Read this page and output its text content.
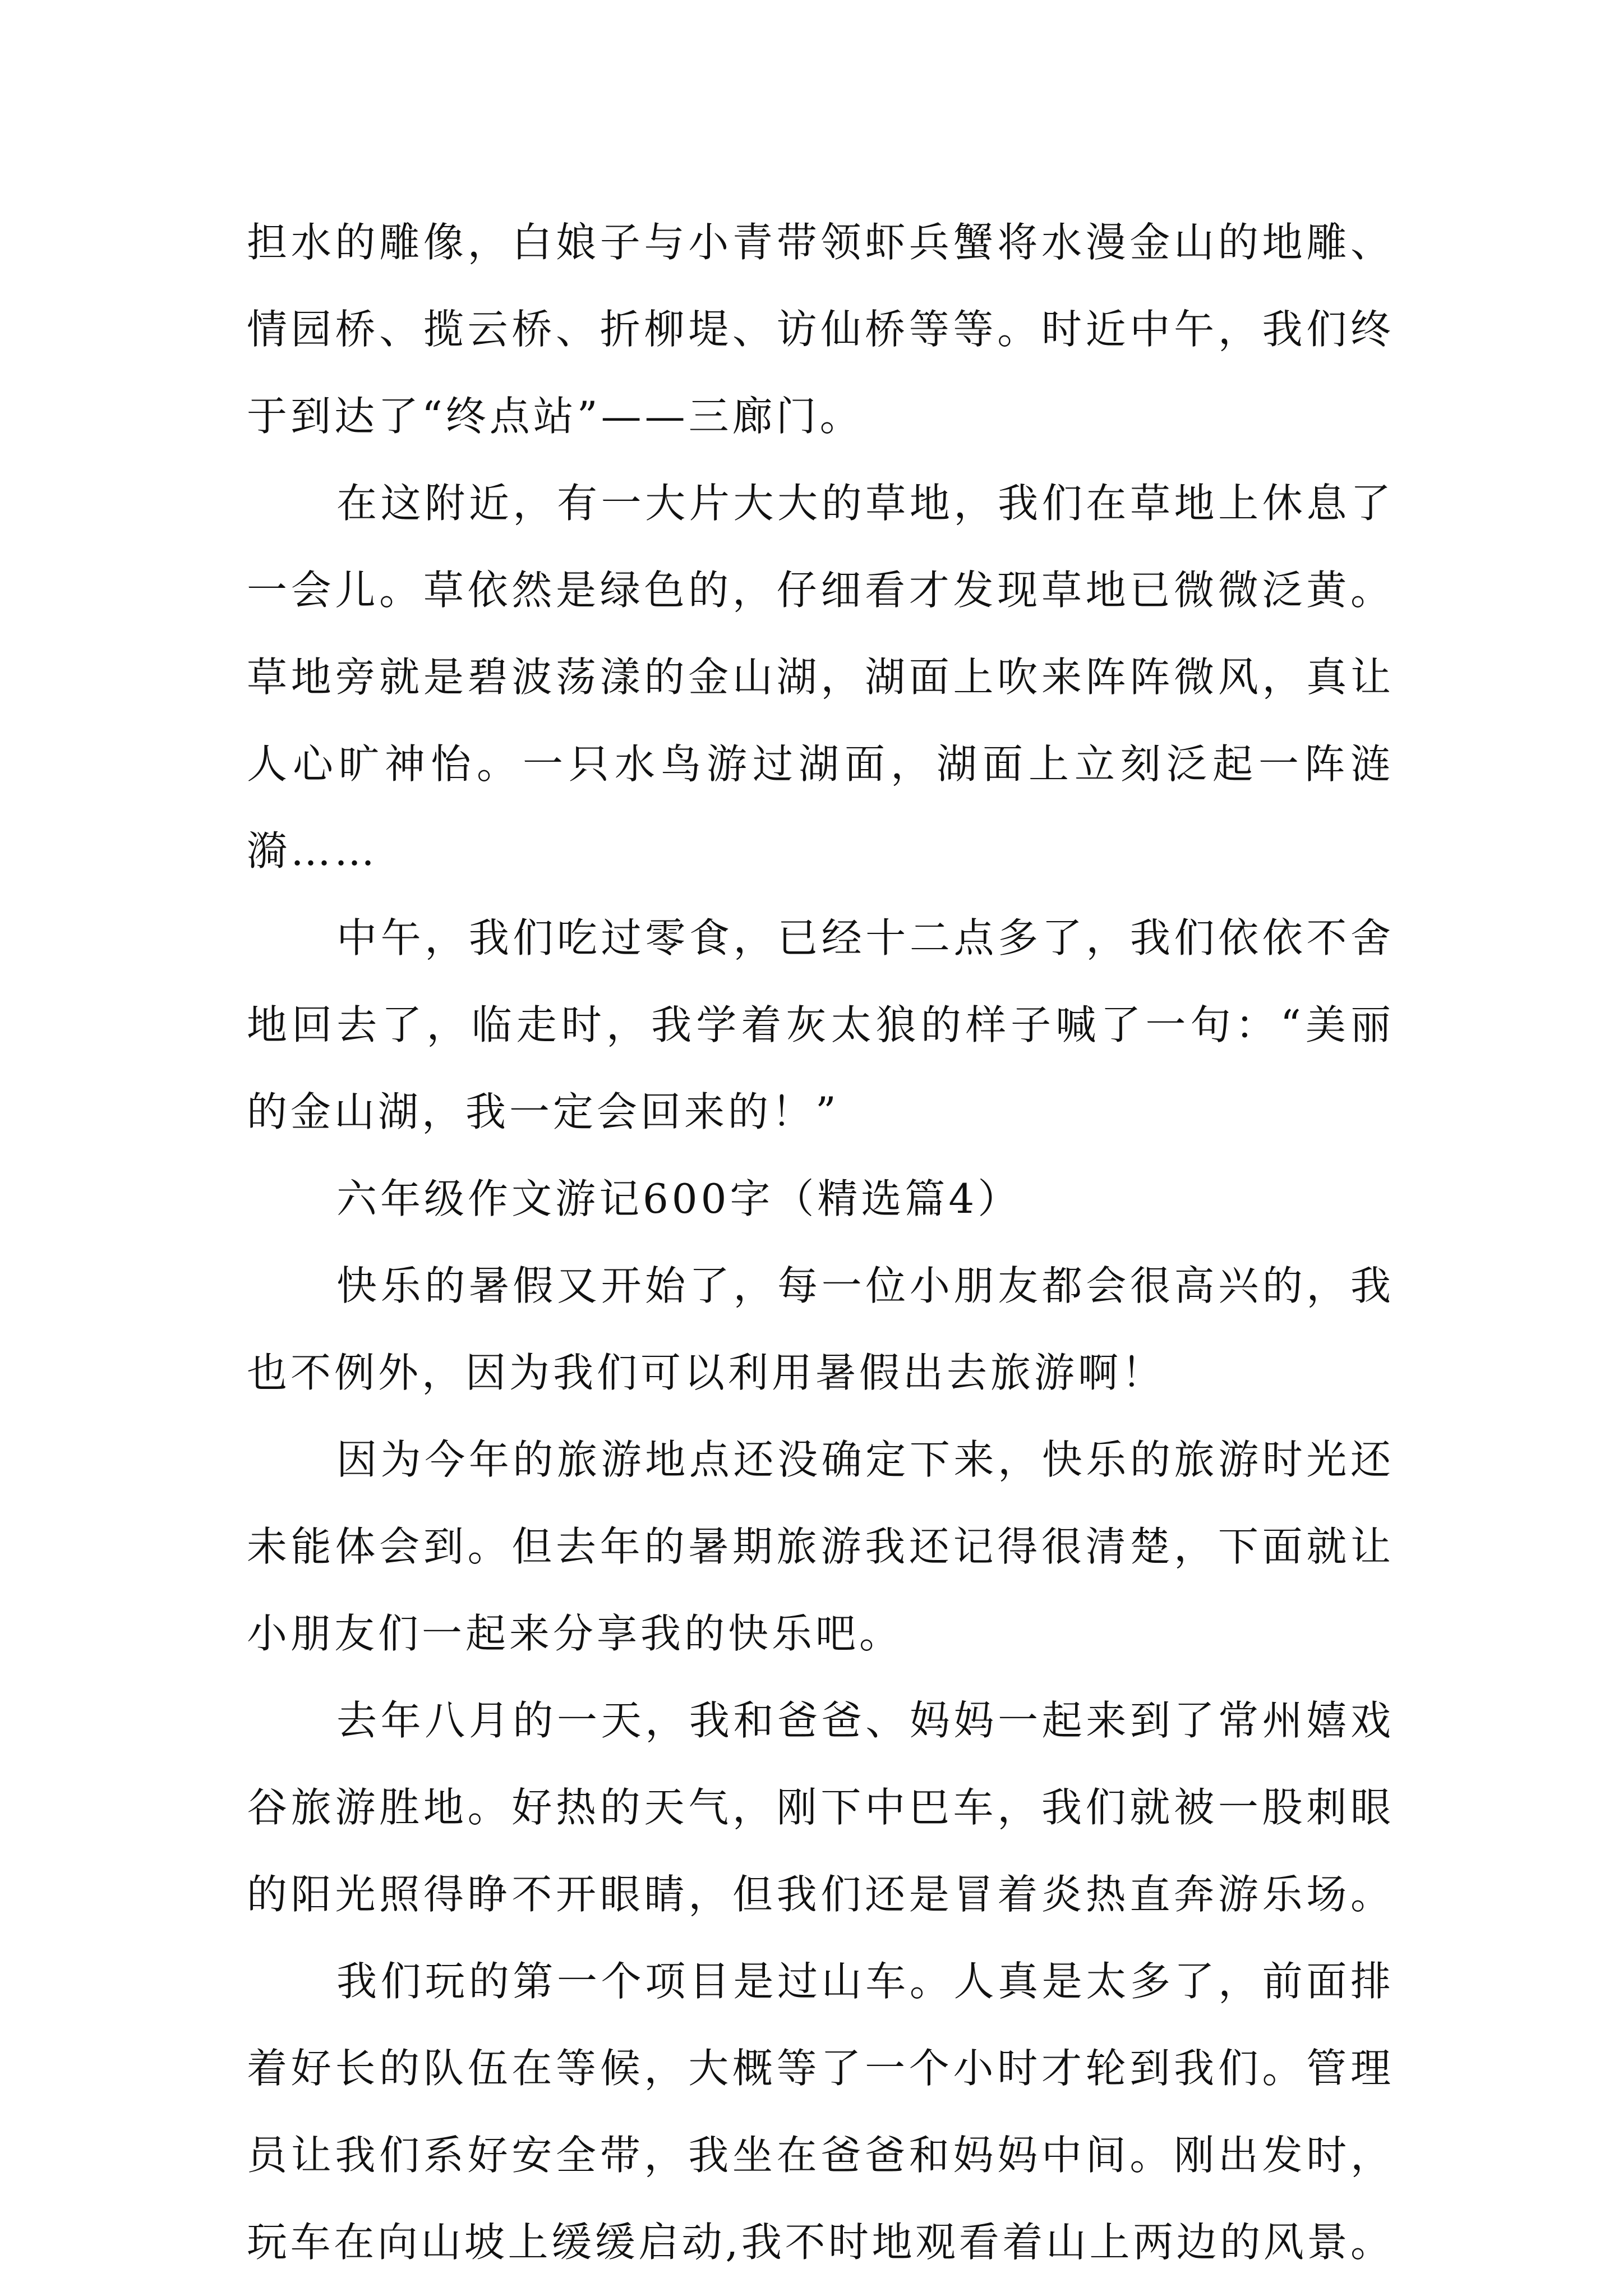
担水的雕像，白娘子与小青带领虾兵蟹将水漫金山的地雕、
情园桥、揽云桥、折柳堤、访仙桥等等。时近中午，我们终
于到达了“终点站”——三廊门。
在这附近，有一大片大大的草地，我们在草地上休息了
一会儿。草依然是绿色的，仔细看才发现草地已微微泛黄。
草地旁就是碧波荡漾的金山湖，湖面上吹来阵阵微风，真让
人心旷神怡。一只水鸟游过湖面，湖面上立刻泛起一阵涟
漪……
中午，我们吃过零食，已经十二点多了，我们依依不舍
地回去了，临走时，我学着灰太狼的样子喊了一句：“美丽
的金山湖，我一定会回来的！”
六年级作文游记600字（精选篇4）
快乐的暑假又开始了，每一位小朋友都会很高兴的，我
也不例外，因为我们可以利用暑假出去旅游啊！
因为今年的旅游地点还没确定下来，快乐的旅游时光还
未能体会到。但去年的暑期旅游我还记得很清楚，下面就让
小朋友们一起来分享我的快乐吧。
去年八月的一天，我和爸爸、妈妈一起来到了常州嬉戏
谷旅游胜地。好热的天气，刚下中巴车，我们就被一股刺眼
的阳光照得睁不开眼睛，但我们还是冒着炎热直奔游乐场。
我们玩的第一个项目是过山车。人真是太多了，前面排
着好长的队伍在等候，大概等了一个小时才轮到我们。管理
员让我们系好安全带，我坐在爸爸和妈妈中间。刚出发时，
玩车在向山坡上缓缓启动,我不时地观看着山上两边的风景。
